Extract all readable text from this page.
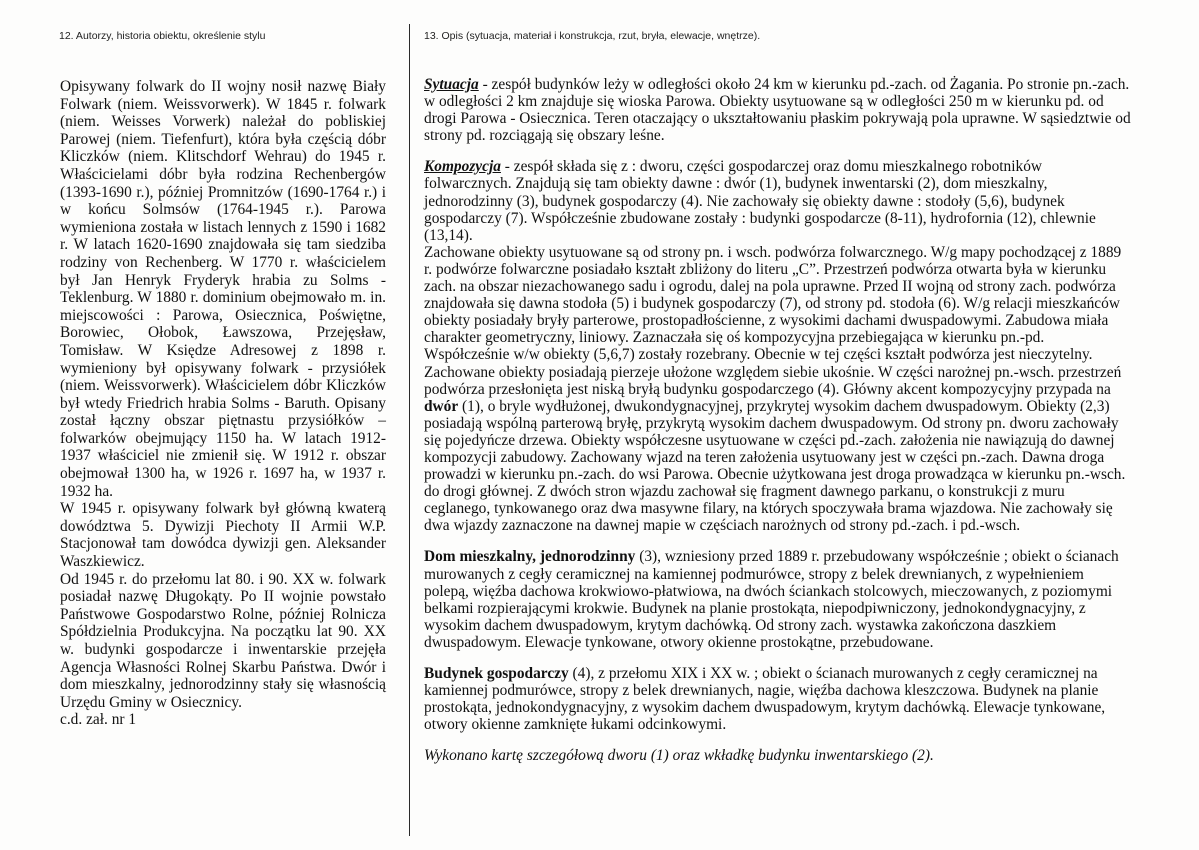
12. Autorzy, historia obiektu, określenie stylu	13. Opis (sytuacja, materiał i konstrukcja, rzut, bryła, elewacje, wnętrze).

Opisywany folwark do II wojny nosił nazwę Biały Folwark (niem. Weissvorwerk). W 1845 r. folwark (niem. Weisses Vorwerk) należał do pobliskiej Parowej (niem. Tiefenfurt), która była częścią dóbr Kliczków (niem. Klitschdorf Wehrau) do 1945 r. Właścicielami dóbr była rodzina Rechenbergów (1393-1690 r.), później Promnitzów (1690-1764 r.) i w końcu Solmsów (1764-1945 r.). Parowa wymieniona została w listach lennych z 1590 i 1682 r. W latach 1620-1690 znajdowała się tam siedziba rodziny von Rechenberg. W 1770 r. właścicielem był Jan Henryk Fryderyk hrabia zu Solms - Teklenburg. W 1880 r. dominium obejmowało m. in. miejscowości : Parowa, Osiecznica, Poświętne, Borowiec, Ołobok, Ławszowa, Przejęsław, Tomisław. W Księdze Adresowej z 1898 r. wymieniony był opisywany folwark - przysiółek (niem. Weissvorwerk). Właścicielem dóbr Kliczków był wtedy Friedrich hrabia Solms - Baruth. Opisany został łączny obszar piętnastu przysiółków – folwarków obejmujący 1150 ha. W latach 1912-1937 właściciel nie zmienił się. W 1912 r. obszar obejmował 1300 ha, w 1926 r. 1697 ha, w 1937 r. 1932 ha.

W 1945 r. opisywany folwark był główną kwaterą dowództwa 5. Dywizji Piechoty II Armii W.P. Stacjonował tam dowódca dywizji gen. Aleksander Waszkiewicz.

Od 1945 r. do przełomu lat 80. i 90. XX w. folwark posiadał nazwę Długokąty. Po II wojnie powstało Państwowe Gospodarstwo Rolne, później Rolnicza Spółdzielnia Produkcyjna. Na początku lat 90. XX w. budynki gospodarcze i inwentarskie przejęła Agencja Własności Rolnej Skarbu Państwa. Dwór i dom mieszkalny, jednorodzinny stały się własnością Urzędu Gminy w Osiecznicy.

c.d. zał. nr 1

Sytuacja - zespół budynków leży w odległości około 24 km w kierunku pd.-zach. od Żagania. Po stronie pn.-zach. w odległości 2 km znajduje się wioska Parowa. Obiekty usytuowane są w odległości 250 m w kierunku pd. od drogi Parowa - Osiecznica. Teren otaczający o ukształtowaniu płaskim pokrywają pola uprawne. W sąsiedztwie od strony pd. rozciągają się obszary leśne.

Kompozycja - zespół składa się z : dworu, części gospodarczej oraz domu mieszkalnego robotników folwarcznych. Znajdują się tam obiekty dawne : dwór (1), budynek inwentarski (2), dom mieszkalny, jednorodzinny (3), budynek gospodarczy (4). Nie zachowały się obiekty dawne : stodoły (5,6), budynek gospodarczy (7). Współcześnie zbudowane zostały : budynki gospodarcze (8-11), hydrofornia (12), chlewnie (13,14).

Zachowane obiekty usytuowane są od strony pn. i wsch. podwórza folwarcznego. W/g mapy pochodzącej z 1889 r. podwórze folwarczne posiadało kształt zbliżony do literu „C”. Przestrzeń podwórza otwarta była w kierunku zach. na obszar niezachowanego sadu i ogrodu, dalej na pola uprawne. Przed II wojną od strony zach. podwórza znajdowała się dawna stodoła (5) i budynek gospodarczy (7), od strony pd. stodoła (6). W/g relacji mieszkańców obiekty posiadały bryły parterowe, prostopadłościenne, z wysokimi dachami dwuspadowymi. Zabudowa miała charakter geometryczny, liniowy. Zaznaczała się oś kompozycyjna przebiegająca w kierunku pn.-pd. Współcześnie w/w obiekty (5,6,7) zostały rozebrany. Obecnie w tej części kształt podwórza jest nieczytelny. Zachowane obiekty posiadają pierzeje ułożone względem siebie ukośnie. W części narożnej pn.-wsch. przestrzeń podwórza przesłonięta jest niską bryłą budynku gospodarczego (4). Główny akcent kompozycyjny przypada na dwór (1), o bryle wydłużonej, dwukondygnacyjnej, przykrytej wysokim dachem dwuspadowym. Obiekty (2,3) posiadają wspólną parterową bryłę, przykrytą wysokim dachem dwuspadowym. Od strony pn. dworu zachowały się pojedyńcze drzewa. Obiekty współczesne usytuowane w części pd.-zach. założenia nie nawiązują do dawnej kompozycji zabudowy. Zachowany wjazd na teren założenia usytuowany jest w części pn.-zach. Dawna droga prowadzi w kierunku pn.-zach. do wsi Parowa. Obecnie użytkowana jest droga prowadząca w kierunku pn.-wsch. do drogi głównej. Z dwóch stron wjazdu zachował się fragment dawnego parkanu, o konstrukcji z muru ceglanego, tynkowanego oraz dwa masywne filary, na których spoczywała brama wjazdowa. Nie zachowały się dwa wjazdy zaznaczone na dawnej mapie w częściach narożnych od strony pd.-zach. i pd.-wsch.

Dom mieszkalny, jednorodzinny (3), wzniesiony przed 1889 r. przebudowany współcześnie ; obiekt o ścianach murowanych z cegły ceramicznej na kamiennej podmurówce, stropy z belek drewnianych, z wypełnieniem polepą, więźba dachowa krokwiowo-płatwiowa, na dwóch ściankach stolcowych, mieczowanych, z poziomymi belkami rozpierającymi krokwie. Budynek na planie prostokąta, niepodpiwniczony, jednokondygnacyjny, z wysokim dachem dwuspadowym, krytym dachówką. Od strony zach. wystawka zakończona daszkiem dwuspadowym. Elewacje tynkowane, otwory okienne prostokątne, przebudowane.

Budynek gospodarczy (4), z przełomu XIX i XX w. ; obiekt o ścianach murowanych z cegły ceramicznej na kamiennej podmurówce, stropy z belek drewnianych, nagie, więźba dachowa kleszczowa. Budynek na planie prostokąta, jednokondygnacyjny, z wysokim dachem dwuspadowym, krytym dachówką. Elewacje tynkowane, otwory okienne zamknięte łukami odcinkowymi.

Wykonano kartę szczegółową dworu (1) oraz wkładkę budynku inwentarskiego (2).
